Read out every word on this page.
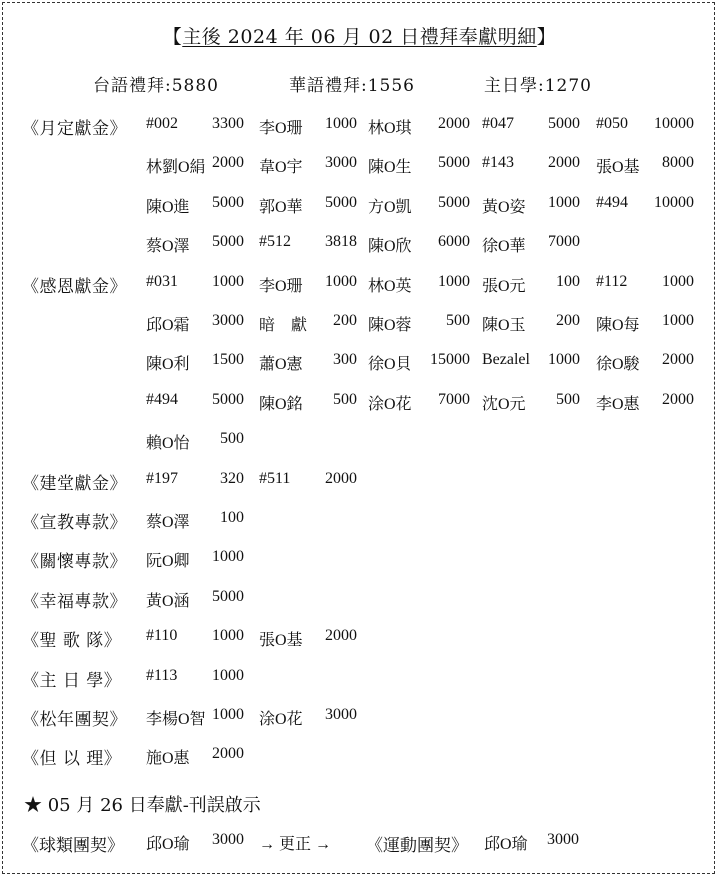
【主後 2024 年 06 月 02 日禮拜奉獻明細】
台語禮拜:5880	華語禮拜:1556	主日學:1270
《月定獻金》 #002 3300 李O珊 1000 林O琪 2000 #047 5000 #050 10000
林劉O絹 2000 韋O宇 3000 陳O生 5000 #143 2000 張O基 8000
陳O進 5000 郭O華 5000 方O凱 5000 黃O姿 1000 #494 10000
蔡O澤 5000 #512 3818 陳O欣 6000 徐O華 7000
《感恩獻金》 #031 1000 李O珊 1000 林O英 1000 張O元 100 #112 1000
邱O霜 3000 暗　獻 200 陳O蓉 500 陳O玉 200 陳O每 1000
陳O利 1500 蕭O憲 300 徐O貝 15000 Bezalel 1000 徐O駿 2000
#494 5000 陳O銘 500 涂O花 7000 沈O元 500 李O惠 2000
賴O怡 500
《建堂獻金》 #197	320 #511 2000
《宣教專款》 蔡O澤 100
《關懷專款》 阮O卿 1000
《幸福專款》 黃O涵 5000
《聖 歌 隊》 #110 1000 張O基 2000
《主 日 學》 #113 1000
《松年團契》 李楊O智 1000 涂O花 3000
《但 以 理》 施O惠 2000
★ 05 月 26 日奉獻-刊誤啟示
《球類團契》 邱O瑜 3000 → 更正 → 《運動團契》 邱O瑜 3000
